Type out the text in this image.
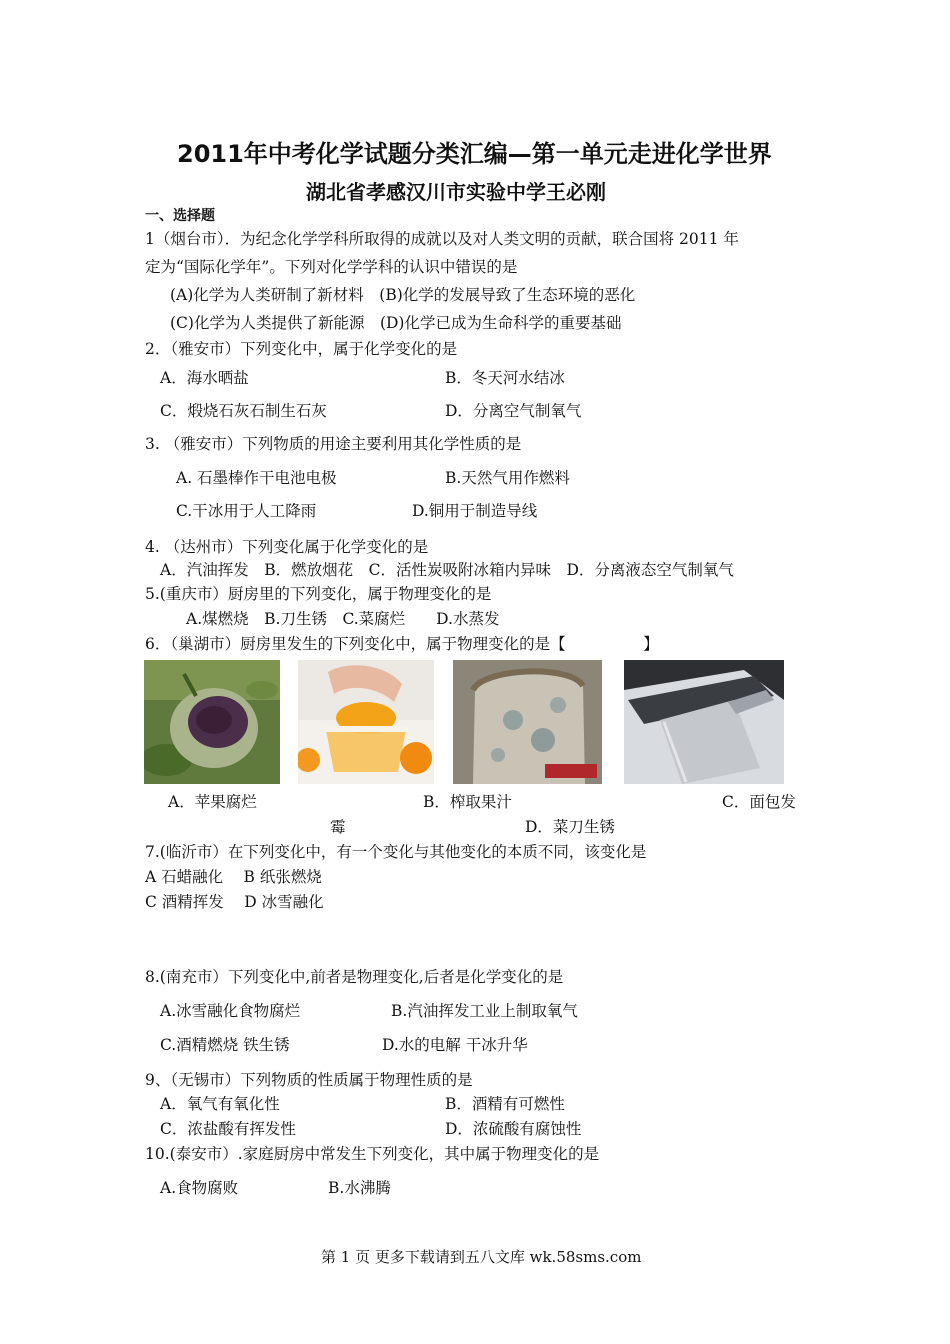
2011年中考化学试题分类汇编—第一单元走进化学世界
湖北省孝感汉川市实验中学王必刚
一、选择题
1（烟台市）．为纪念化学学科所取得的成就以及对人类文明的贡献，联合国将 2011 年
定为“国际化学年”。下列对化学学科的认识中错误的是
(A)化学为人类研制了新材料　(B)化学的发展导致了生态环境的恶化
(C)化学为人类提供了新能源　(D)化学已成为生命科学的重要基础
2．（雅安市）下列变化中，属于化学变化的是
A．海水晒盐	B．冬天河水结冰
C．煅烧石灰石制生石灰	D．分离空气制氧气
3. （雅安市）下列物质的用途主要利用其化学性质的是
A. 石墨棒作干电池电极	B.天然气用作燃料
C.干冰用于人工降雨	D.铜用于制造导线
4. （达州市）下列变化属于化学变化的是
A．汽油挥发　B．燃放烟花　C．活性炭吸附冰箱内异味　D．分离液态空气制氧气
5.(重庆市）厨房里的下列变化，属于物理变化的是
A.煤燃烧　B.刀生锈　C.菜腐烂　　D.水蒸发
6．（巢湖市）厨房里发生的下列变化中，属于物理变化的是【　　　　　】
A．苹果腐烂	B．榨取果汁	C．面包发
霉	D．菜刀生锈
7.(临沂市）在下列变化中，有一个变化与其他变化的本质不同，该变化是
A 石蜡融化　 B 纸张燃烧
C 酒精挥发　 D 冰雪融化
8.(南充市）下列变化中,前者是物理变化,后者是化学变化的是
A.冰雪融化食物腐烂	B.汽油挥发工业上制取氧气
C.酒精燃烧 铁生锈	D.水的电解 干冰升华
9、（无锡市）下列物质的性质属于物理性质的是
A．氧气有氧化性	B．酒精有可燃性
C．浓盐酸有挥发性	D．浓硫酸有腐蚀性
10.(泰安市）.家庭厨房中常发生下列变化，其中属于物理变化的是
A.食物腐败	B.水沸腾
第 1 页 更多下载请到五八文库 wk.58sms.com
